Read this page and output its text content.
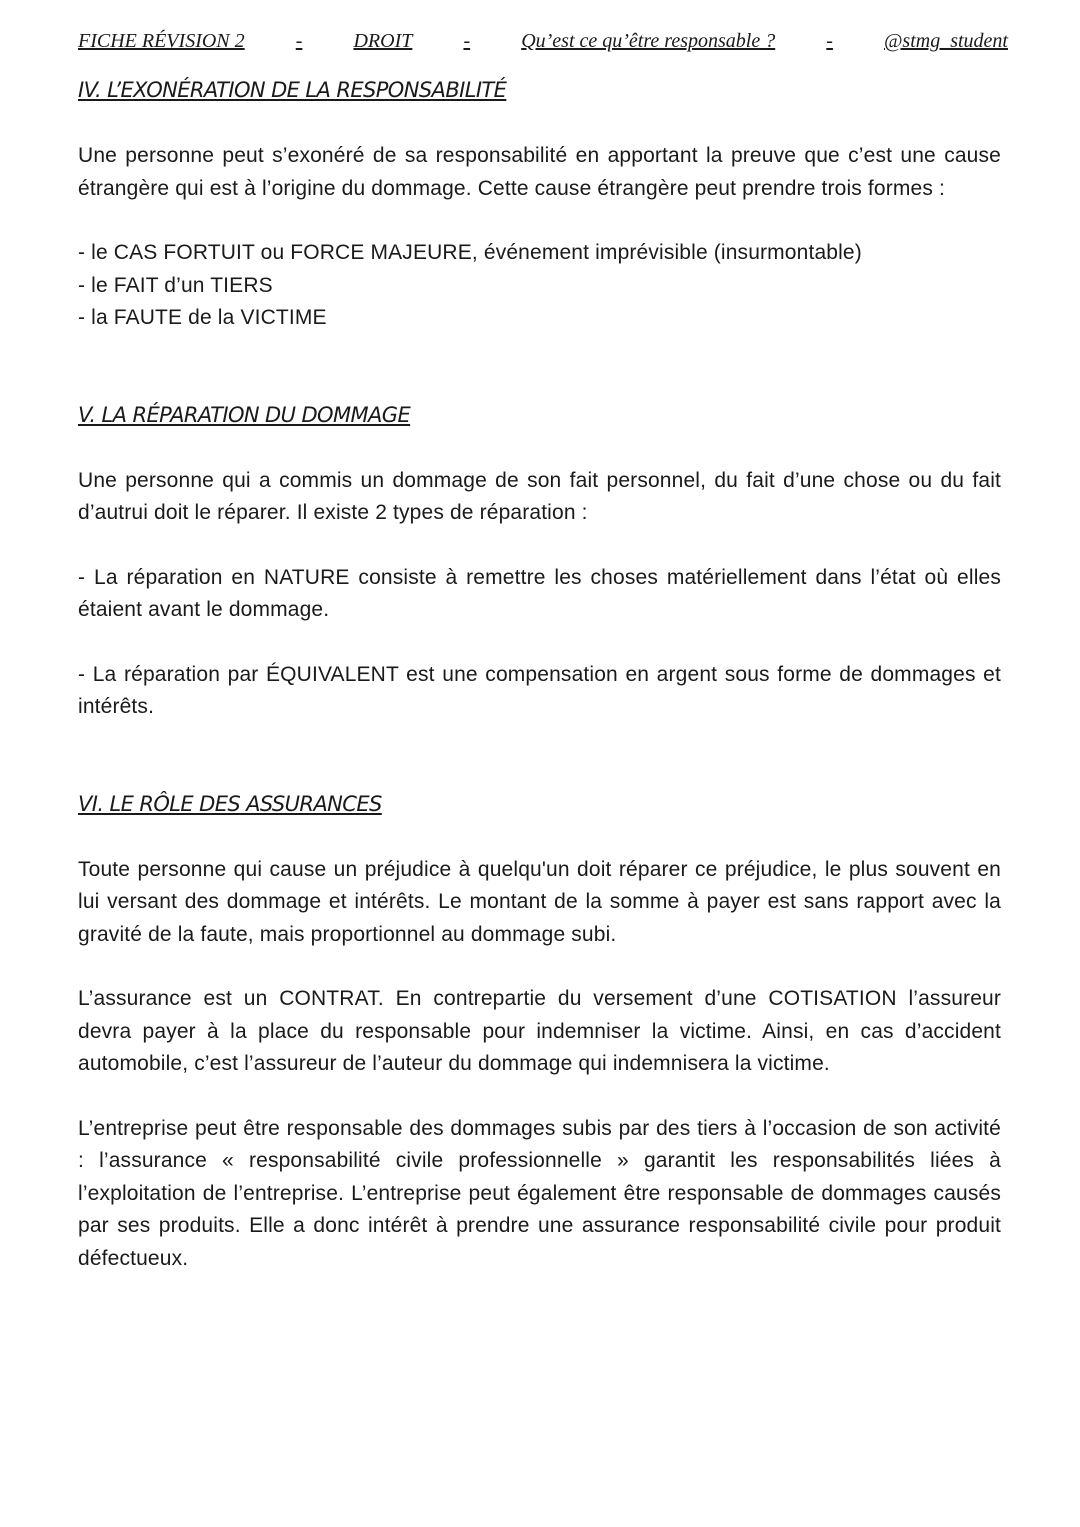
FICHE RÉVISION 2	-	DROIT	-	Qu’est ce qu’être responsable ?	-	@stmg_student
IV. L’EXONÉRATION DE LA RESPONSABILITÉ

Une personne peut s’exonéré de sa responsabilité en apportant la preuve que c’est une cause étrangère qui est à l’origine du dommage. Cette cause étrangère peut prendre trois formes :

- le CAS FORTUIT ou FORCE MAJEURE, événement imprévisible (insurmontable)
- le FAIT d’un TIERS
- la FAUTE de la VICTIME
V. LA RÉPARATION DU DOMMAGE

Une personne qui a commis un dommage de son fait personnel, du fait d’une chose ou du fait d’autrui doit le réparer. Il existe 2 types de réparation :

- La réparation en NATURE consiste à remettre les choses matériellement dans l’état où elles étaient avant le dommage.

- La réparation par ÉQUIVALENT est une compensation en argent sous forme de dommages et intérêts.

VI. LE RÔLE DES ASSURANCES

Toute personne qui cause un préjudice à quelqu'un doit réparer ce préjudice, le plus souvent en lui versant des dommage et intérêts. Le montant de la somme à payer est sans rapport avec la gravité de la faute, mais proportionnel au dommage subi.

L’assurance est un CONTRAT. En contrepartie du versement d’une COTISATION l’assureur devra payer à la place du responsable pour indemniser la victime. Ainsi, en cas d’accident automobile, c’est l’assureur de l’auteur du dommage qui indemnisera la victime.

L’entreprise peut être responsable des dommages subis par des tiers à l’occasion de son activité : l’assurance « responsabilité civile professionnelle » garantit les responsabilités liées à l’exploitation de l’entreprise. L’entreprise peut également être responsable de dommages causés par ses produits. Elle a donc intérêt à prendre une assurance responsabilité civile pour produit défectueux.
